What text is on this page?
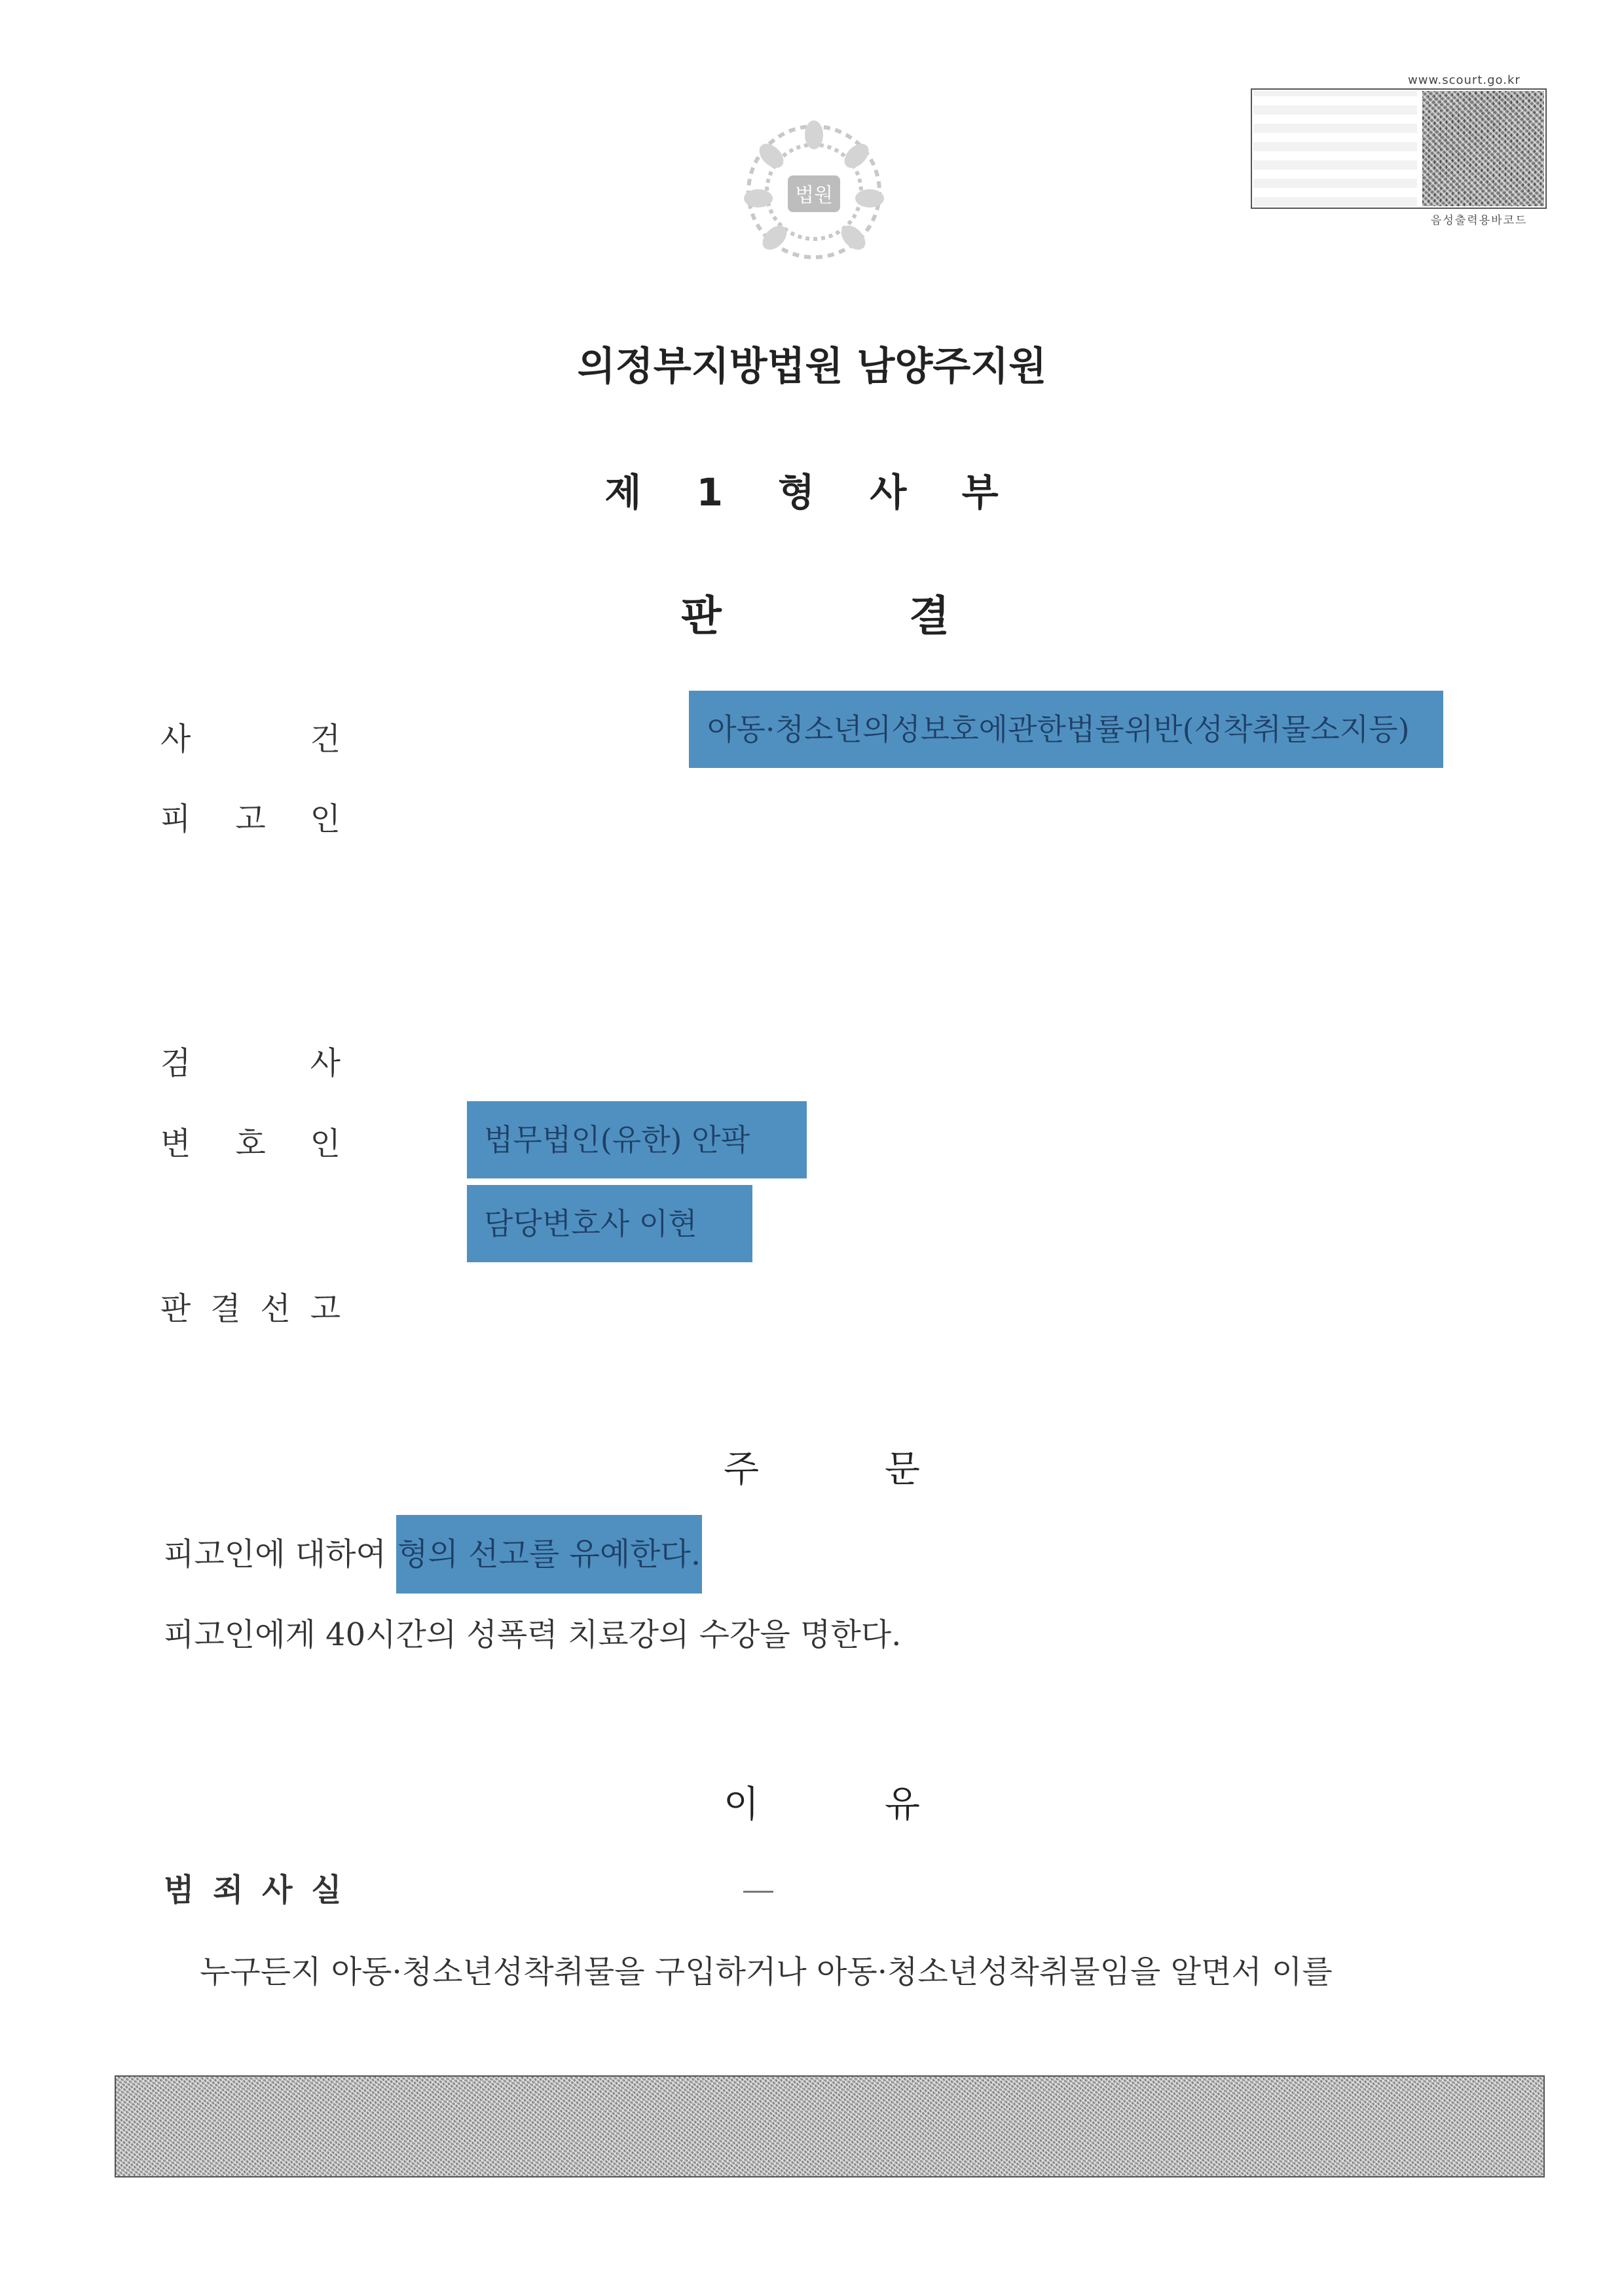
법원
www.scourt.go.kr
음성출력용바코드
의정부지방법원 남양주지원
제 1 형 사 부
판	결
사	건	아동·청소년의성보호에관한법률위반(성착취물소지등)
피 고 인
검	사
변 호 인	법무법인(유한) 안팍
담당변호사 이현
판 결 선 고
주	문
피고인에 대하여 형의 선고를 유예한다.
피고인에게 40시간의 성폭력 치료강의 수강을 명한다.
이	유
범 죄 사 실
누구든지 아동·청소년성착취물을 구입하거나 아동·청소년성착취물임을 알면서 이를
